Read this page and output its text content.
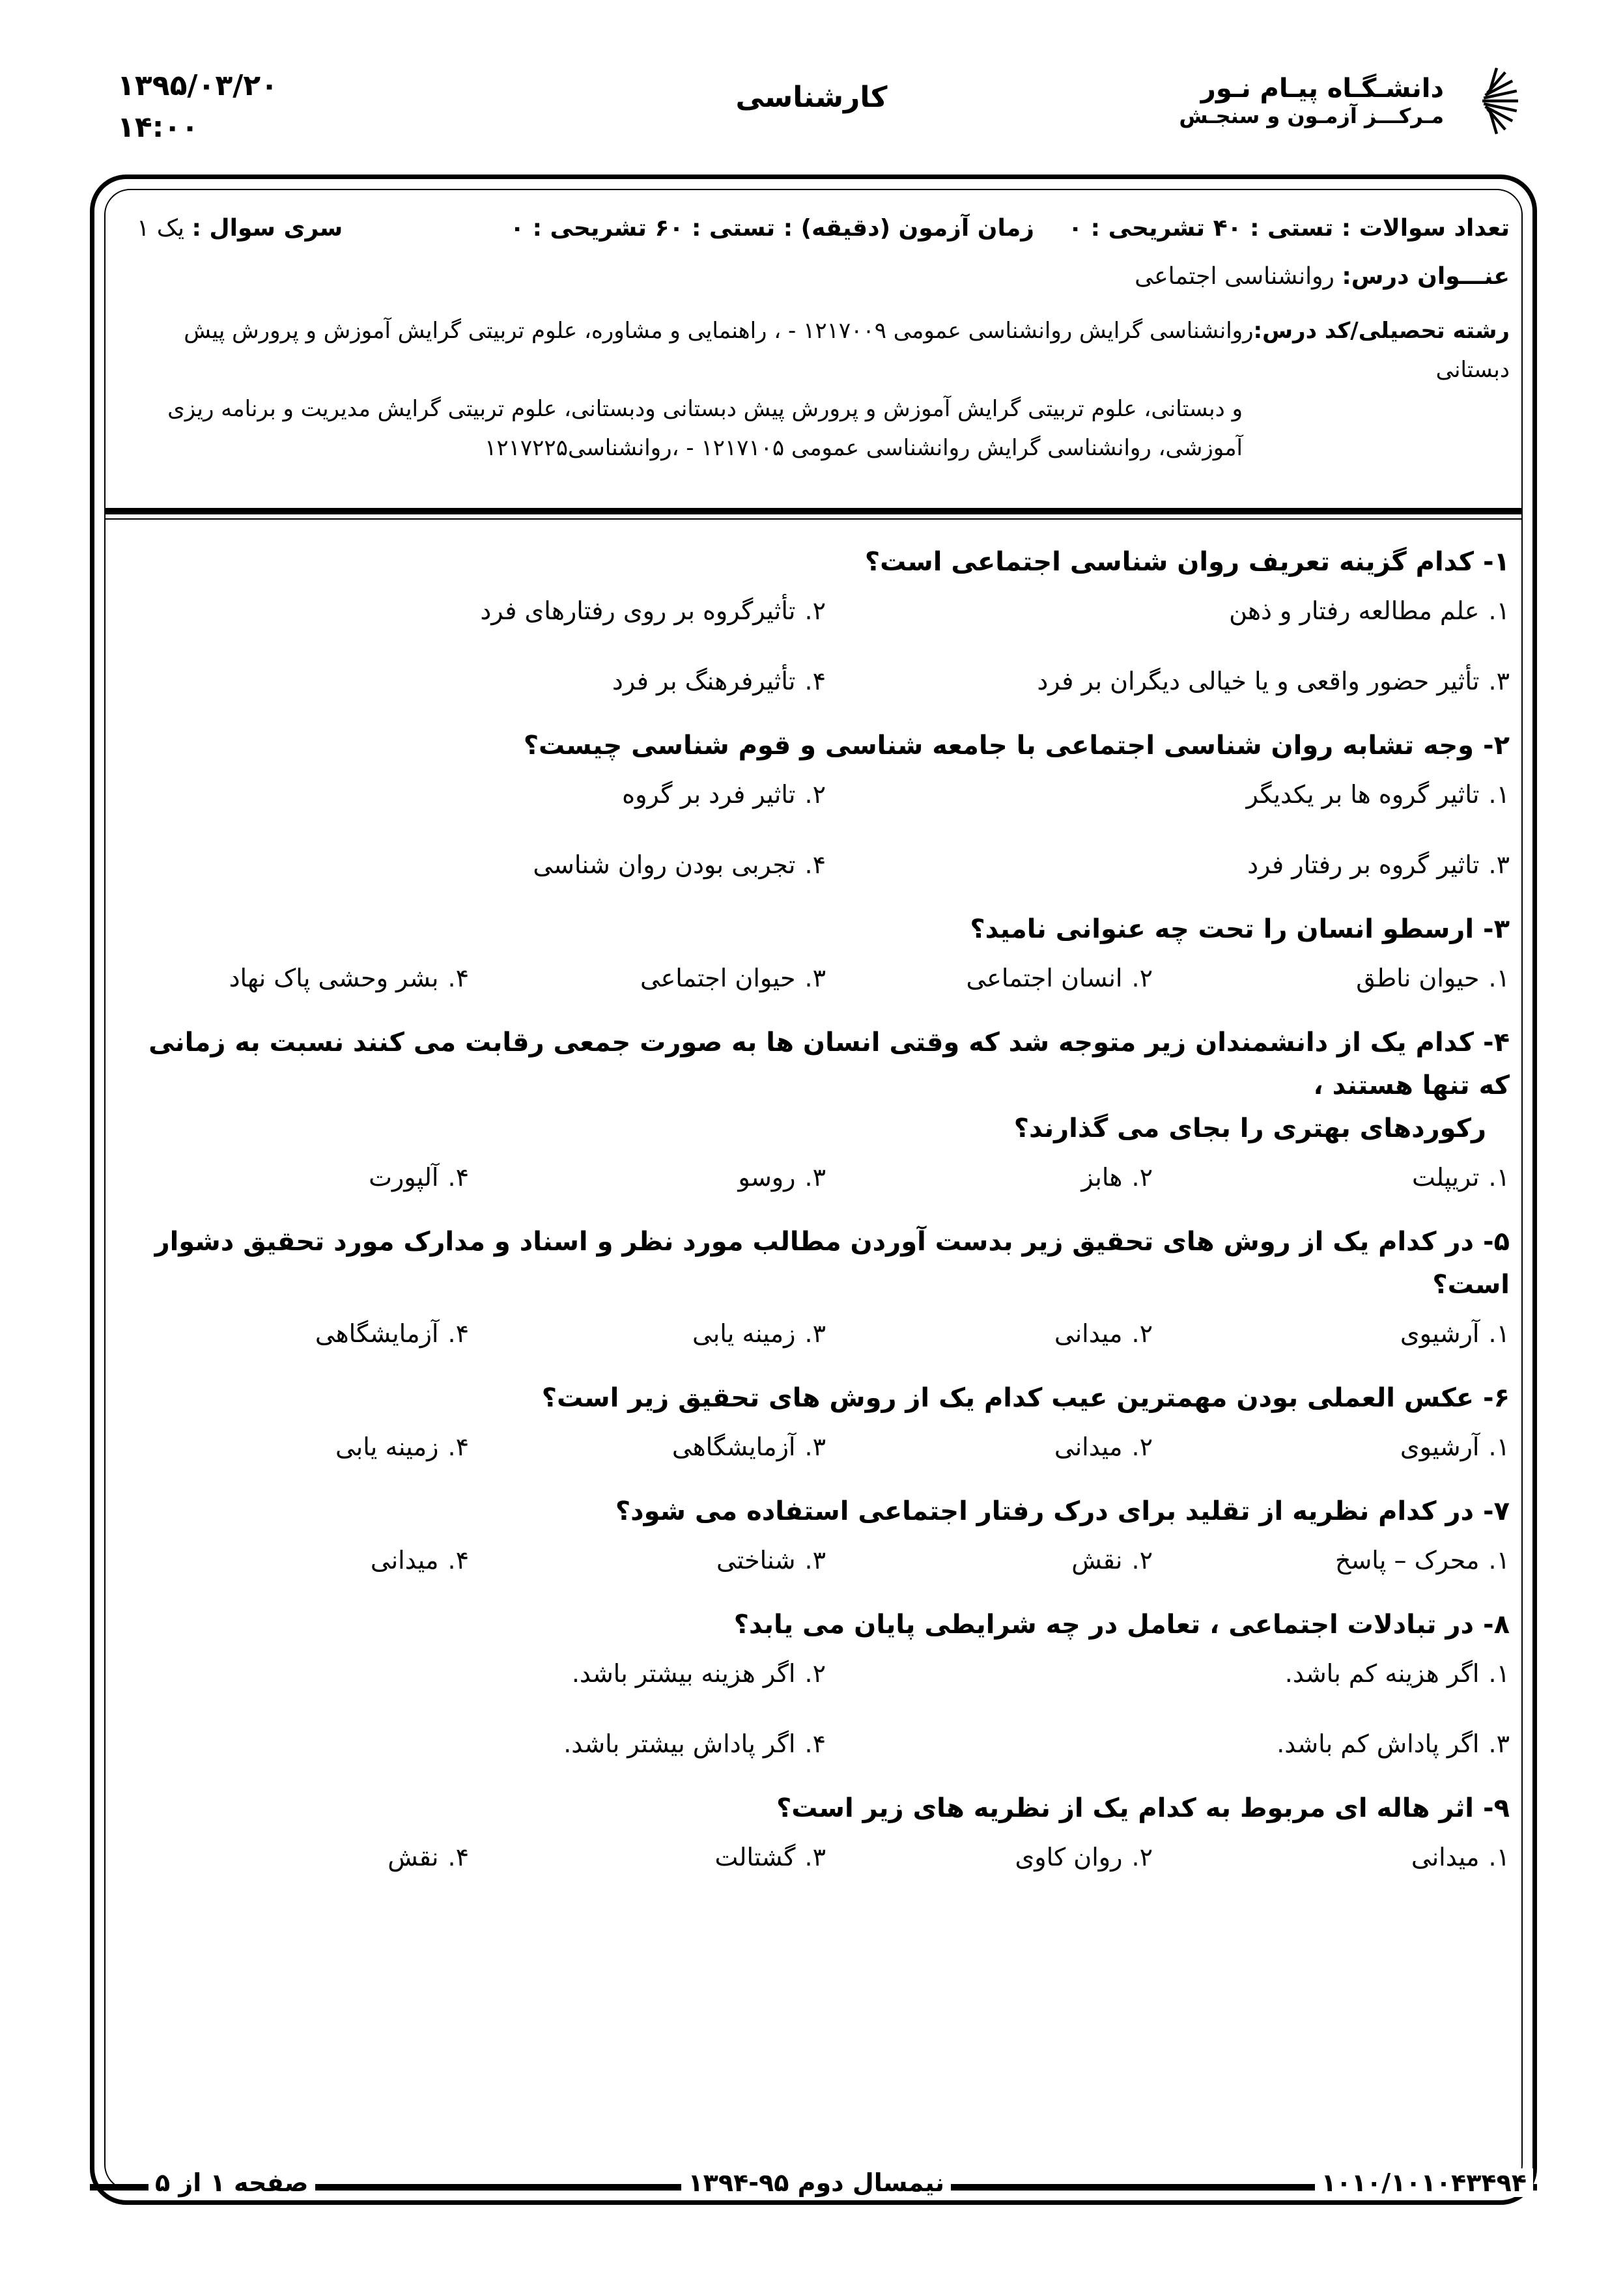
دانشـگـاه پیـام نـور
مـرکـــز آزمـون و سنجـش
کارشناسی
۱۳۹۵/۰۳/۲۰
۱۴:۰۰
تعداد سوالات : تستی : ۴۰ تشریحی : ۰
زمان آزمون (دقیقه) : تستی : ۶۰ تشریحی : ۰
سری سوال : یک ۱
عنـــوان درس: روانشناسی اجتماعی
رشته تحصیلی/کد درس:روانشناسی گرایش روانشناسی عمومی ۱۲۱۷۰۰۹ - ، راهنمایی و مشاوره، علوم تربیتی گرایش آموزش و پرورش پیش دبستانی
و دبستانی، علوم تربیتی گرایش آموزش و پرورش پیش دبستانی ودبستانی، علوم تربیتی گرایش مدیریت و برنامه ریزی
آموزشی، روانشناسی گرایش روانشناسی عمومی ۱۲۱۷۱۰۵ - ،روانشناسی۱۲۱۷۲۲۵
۱- کدام گزینه تعریف روان شناسی اجتماعی است؟
۱.علم مطالعه رفتار و ذهن
۲.تأثیرگروه بر روی رفتارهای فرد
۳.تأثیر حضور واقعی و یا خیالی دیگران بر فرد
۴.تأثیرفرهنگ بر فرد
۲- وجه تشابه روان شناسی اجتماعی با جامعه شناسی و قوم شناسی چیست؟
۱.تاثیر گروه ها بر یکدیگر
۲.تاثیر فرد بر گروه
۳.تاثیر گروه بر رفتار فرد
۴.تجربی بودن روان شناسی
۳- ارسطو انسان را تحت چه عنوانی نامید؟
۱.حیوان ناطق
۲.انسان اجتماعی
۳.حیوان اجتماعی
۴.بشر وحشی پاک نهاد
۴- کدام یک از دانشمندان زیر متوجه شد که وقتی انسان ها به صورت جمعی رقابت می کنند نسبت به زمانی که تنها هستند ،
رکوردهای بهتری را بجای می گذارند؟
۱.تریپلت
۲.هابز
۳.روسو
۴.آلپورت
۵- در کدام یک از روش های تحقیق زیر بدست آوردن مطالب مورد نظر و اسناد و مدارک مورد تحقیق دشوار است؟
۱.آرشیوی
۲.میدانی
۳.زمینه یابی
۴.آزمایشگاهی
۶- عکس العملی بودن مهمترین عیب کدام یک از روش های تحقیق زیر است؟
۱.آرشیوی
۲.میدانی
۳.آزمایشگاهی
۴.زمینه یابی
۷- در کدام نظریه از تقلید برای درک رفتار اجتماعی استفاده می شود؟
۱.محرک – پاسخ
۲.نقش
۳.شناختی
۴.میدانی
۸- در تبادلات اجتماعی ، تعامل در چه شرایطی پایان می یابد؟
۱.اگر هزینه کم باشد.
۲.اگر هزینه بیشتر باشد.
۳.اگر پاداش کم باشد.
۴.اگر پاداش بیشتر باشد.
۹- اثر هاله ای مربوط به کدام یک از نظریه های زیر است؟
۱.میدانی
۲.روان کاوی
۳.گشتالت
۴.نقش
۱۰۱۰/۱۰۱۰۴۳۴۹۴
نیمسال دوم ۹۵-۱۳۹۴
صفحه ۱ از ۵
